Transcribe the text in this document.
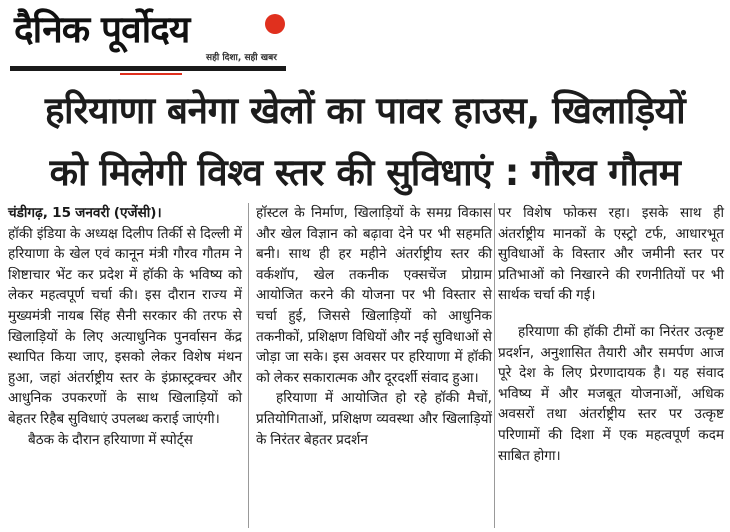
दैनिक पूर्वोदय
सही दिशा, सही खबर
हरियाणा बनेगा खेलों का पावर हाउस, खिलाड़ियों
को मिलेगी विश्व स्तर की सुविधाएं : गौरव गौतम

चंडीगढ़, 15 जनवरी (एजेंसी)।
हॉकी इंडिया के अध्यक्ष दिलीप तिर्की से दिल्ली में हरियाणा के खेल एवं कानून मंत्री गौरव गौतम ने शिष्टाचार भेंट कर प्रदेश में हॉकी के भविष्य को लेकर महत्वपूर्ण चर्चा की। इस दौरान राज्य में मुख्यमंत्री नायब सिंह सैनी सरकार की तरफ से खिलाड़ियों के लिए अत्याधुनिक पुनर्वासन केंद्र स्थापित किया जाए, इसको लेकर विशेष मंथन हुआ, जहां अंतर्राष्ट्रीय स्तर के इंफ्रास्ट्रक्चर और आधुनिक उपकरणों के साथ खिलाड़ियों को बेहतर रिहैब सुविधाएं उपलब्ध कराई जाएंगी।

बैठक के दौरान हरियाणा में स्पोर्ट्स

हॉस्टल के निर्माण, खिलाड़ियों के समग्र विकास और खेल विज्ञान को बढ़ावा देने पर भी सहमति बनी। साथ ही हर महीने अंतर्राष्ट्रीय स्तर की वर्कशॉप, खेल तकनीक एक्सचेंज प्रोग्राम आयोजित करने की योजना पर भी विस्तार से चर्चा हुई, जिससे खिलाड़ियों को आधुनिक तकनीकों, प्रशिक्षण विधियों और नई सुविधाओं से जोड़ा जा सके। इस अवसर पर हरियाणा में हॉकी को लेकर सकारात्मक और दूरदर्शी संवाद हुआ।

हरियाणा में आयोजित हो रहे हॉकी मैचों, प्रतियोगिताओं, प्रशिक्षण व्यवस्था और खिलाड़ियों के निरंतर बेहतर प्रदर्शन

पर विशेष फोकस रहा। इसके साथ ही अंतर्राष्ट्रीय मानकों के एस्ट्रो टर्फ, आधारभूत सुविधाओं के विस्तार और जमीनी स्तर पर प्रतिभाओं को निखारने की रणनीतियों पर भी सार्थक चर्चा की गई।

हरियाणा की हॉकी टीमों का निरंतर उत्कृष्ट प्रदर्शन, अनुशासित तैयारी और समर्पण आज पूरे देश के लिए प्रेरणादायक है। यह संवाद भविष्य में और मजबूत योजनाओं, अधिक अवसरों तथा अंतर्राष्ट्रीय स्तर पर उत्कृष्ट परिणामों की दिशा में एक महत्वपूर्ण कदम साबित होगा।
